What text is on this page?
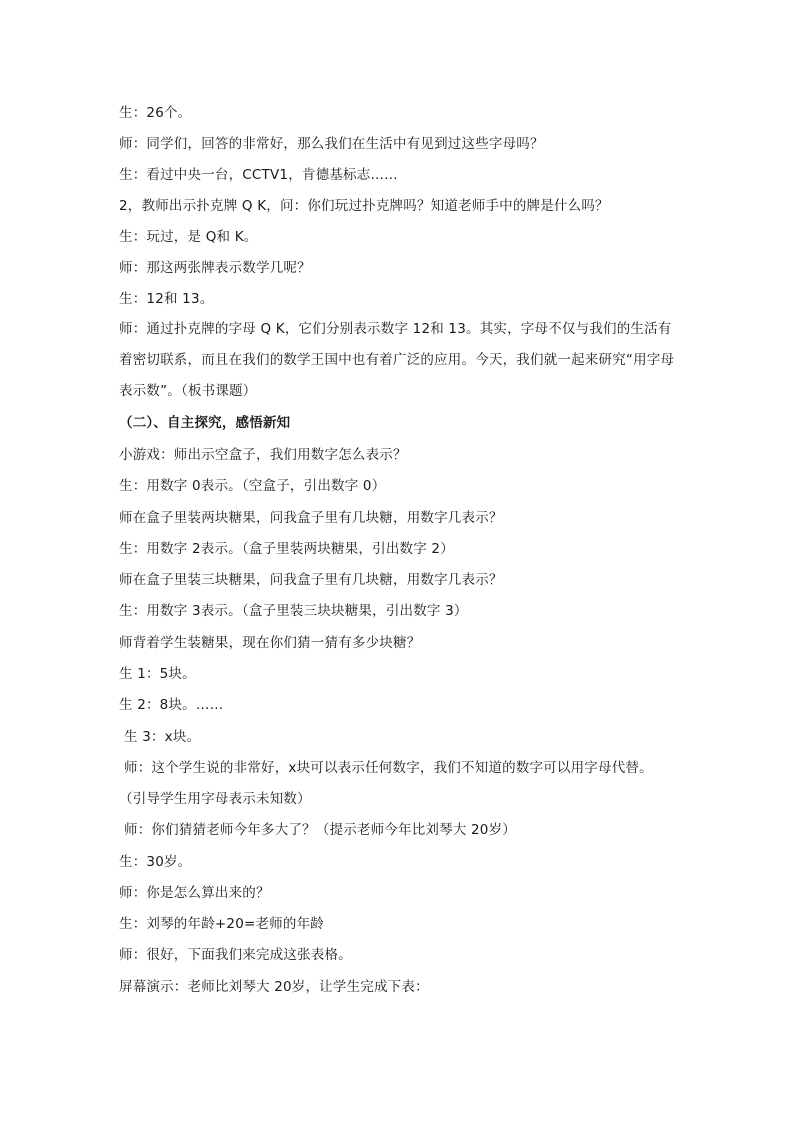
生：26个。
师：同学们，回答的非常好，那么我们在生活中有见到过这些字母吗？
生：看过中央一台，CCTV1，肯德基标志……
2，教师出示扑克牌 Q K，问：你们玩过扑克牌吗？知道老师手中的牌是什么吗？
生：玩过，是 Q和 K。
师：那这两张牌表示数学几呢？
生：12和 13。
师：通过扑克牌的字母 Q K，它们分别表示数字 12和 13。其实，字母不仅与我们的生活有着密切联系，而且在我们的数学王国中也有着广泛的应用。今天，我们就一起来研究“用字母表示数”。（板书课题）
（二）、自主探究，感悟新知
小游戏：师出示空盒子，我们用数字怎么表示？
生：用数字 0表示。（空盒子，引出数字 0）
师在盒子里装两块糖果，问我盒子里有几块糖，用数字几表示？
生：用数字 2表示。（盒子里装两块糖果，引出数字 2）
师在盒子里装三块糖果，问我盒子里有几块糖，用数字几表示？
生：用数字 3表示。（盒子里装三块块糖果，引出数字 3）
师背着学生装糖果，现在你们猜一猜有多少块糖？
生 1：5块。
生 2：8块。……
生 3：x块。
师：这个学生说的非常好，x块可以表示任何数字，我们不知道的数字可以用字母代替。
（引导学生用字母表示未知数）
师：你们猜猜老师今年多大了？（提示老师今年比刘琴大 20岁）
生：30岁。
师：你是怎么算出来的？
生：刘琴的年龄+20=老师的年龄
师：很好，下面我们来完成这张表格。
屏幕演示：老师比刘琴大 20岁，让学生完成下表：
